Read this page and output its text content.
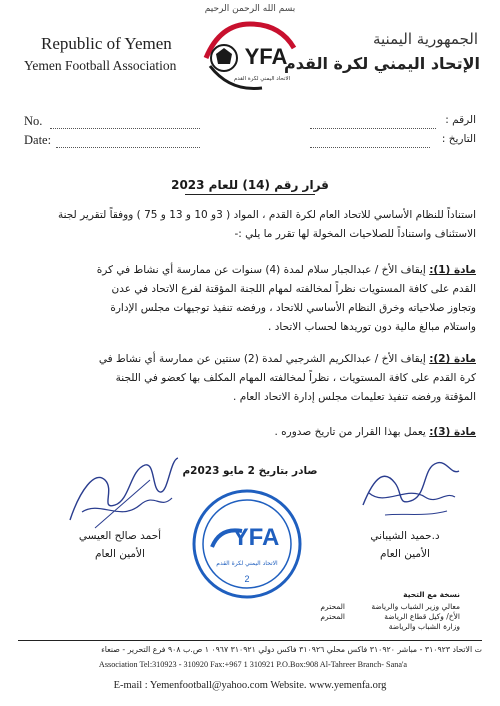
بسم الله الرحمن الرحيم
Republic of Yemen
Yemen Football Association
الجمهورية اليمنية
الإتحاد اليمني لكرة القدم
YFA
الاتحاد اليمني لكرة القدم
No.
Date:
الرقم :
التاريخ :
قرار رقم (14) للعام 2023
استناداً للنظام الأساسي للاتحاد العام لكرة القدم ، المواد ( 3و 10 و 13 و 75 ) ووفقاً لتقرير لجنة
الاستئناف واستناداً للصلاحيات المخولة لها تقرر ما يلي :-
مادة (1): إيقاف الأخ / عبدالجبار سلام لمدة (4) سنوات عن ممارسة أي نشاط في كرة
القدم على كافة المستويات نظراً لمخالفته لمهام اللجنة المؤقتة لفرع الاتحاد في عدن
وتجاوز صلاحياته وخرق النظام الأساسي للاتحاد ، ورفضه تنفيذ توجيهات مجلس الإدارة
واستلام مبالغ مالية دون توريدها لحساب الاتحاد .
مادة (2): إيقاف الأخ / عبدالكريم الشرجبي لمدة (2) سنتين عن ممارسة أي نشاط في
كرة القدم على كافة المستويات ، نظراً لمخالفته المهام المكلف بها كعضو في اللجنة
المؤقتة ورفضه تنفيذ تعليمات مجلس إدارة الاتحاد العام .
مادة (3): يعمل بهذا القرار من تاريخ صدوره .
صادر بتاريخ 2 مايو 2023م
أحمد صالح العيسي
الأمين العام
د.حميد الشيباني
الأمين العام
YFA
الاتحاد اليمني لكرة القدم
2
نسخة مع التحية
معالي وزير الشباب والرياضة
الأخ/ وكيل قطاع الرياضة
وزارة الشباب والرياضة
المحترم
المحترم
ت الاتحاد ٣١٠٩٢٣ - مباشر ٣١٠٩٢٠ فاكس محلي ٣١٠٩٢٦ فاكس دولي ٣١٠٩٢١ ٠٩٦٧ ١ ص.ب ٩٠٨ فرع التحرير - صنعاء
Association Tel:310923 - 310920 Fax:+967 1 310921 P.O.Box:908 Al-Tahreer Branch- Sana'a
E-mail : Yemenfootball@yahoo.com Website. www.yemenfa.org
